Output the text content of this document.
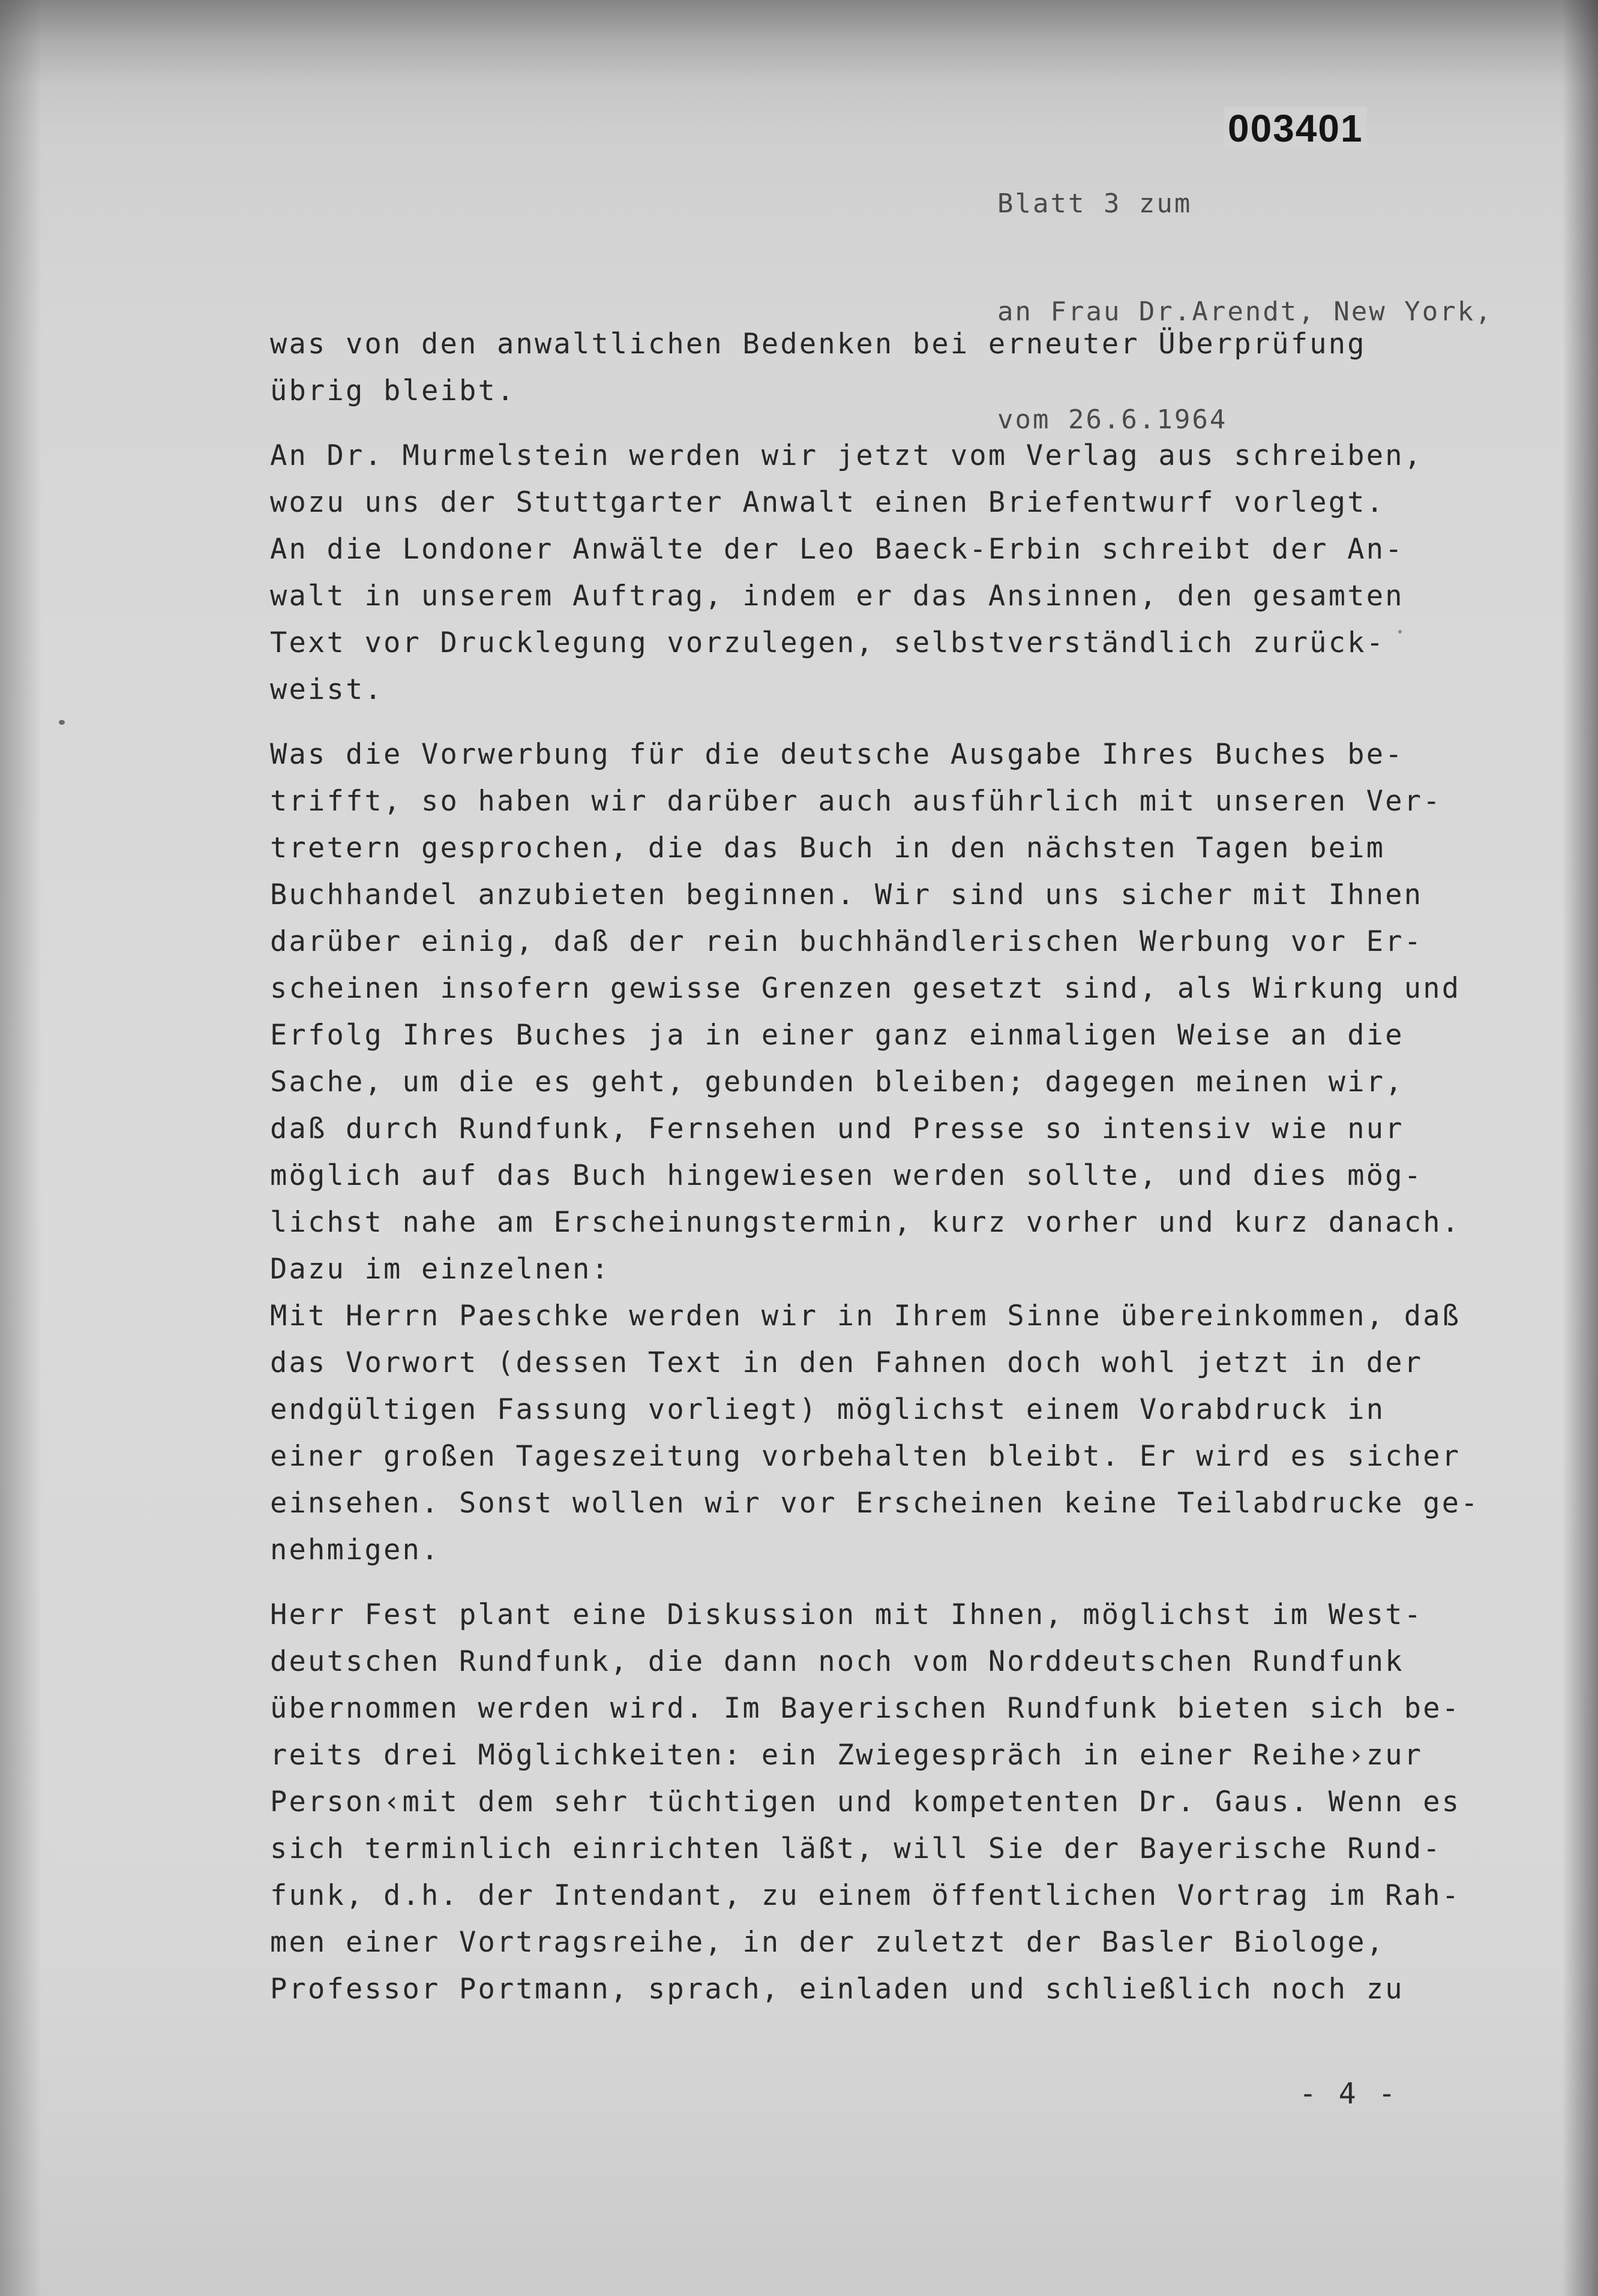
Blatt 3 zum

an Frau Dr.Arendt, New York,

vom 26.6.1964

003401
was von den anwaltlichen Bedenken bei erneuter Überprüfung
übrig bleibt.
An Dr. Murmelstein werden wir jetzt vom Verlag aus schreiben,
wozu uns der Stuttgarter Anwalt einen Briefentwurf vorlegt.
An die Londoner Anwälte der Leo Baeck-Erbin schreibt der An-
walt in unserem Auftrag, indem er das Ansinnen, den gesamten
Text vor Drucklegung vorzulegen, selbstverständlich zurück-
weist.
Was die Vorwerbung für die deutsche Ausgabe Ihres Buches be-
trifft, so haben wir darüber auch ausführlich mit unseren Ver-
tretern gesprochen, die das Buch in den nächsten Tagen beim
Buchhandel anzubieten beginnen. Wir sind uns sicher mit Ihnen
darüber einig, daß der rein buchhändlerischen Werbung vor Er-
scheinen insofern gewisse Grenzen gesetzt sind, als Wirkung und
Erfolg Ihres Buches ja in einer ganz einmaligen Weise an die
Sache, um die es geht, gebunden bleiben; dagegen meinen wir,
daß durch Rundfunk, Fernsehen und Presse so intensiv wie nur
möglich auf das Buch hingewiesen werden sollte, und dies mög-
lichst nahe am Erscheinungstermin, kurz vorher und kurz danach.
Dazu im einzelnen:
Mit Herrn Paeschke werden wir in Ihrem Sinne übereinkommen, daß
das Vorwort (dessen Text in den Fahnen doch wohl jetzt in der
endgültigen Fassung vorliegt) möglichst einem Vorabdruck in
einer großen Tageszeitung vorbehalten bleibt. Er wird es sicher
einsehen. Sonst wollen wir vor Erscheinen keine Teilabdrucke ge-
nehmigen.
Herr Fest plant eine Diskussion mit Ihnen, möglichst im West-
deutschen Rundfunk, die dann noch vom Norddeutschen Rundfunk
übernommen werden wird. Im Bayerischen Rundfunk bieten sich be-
reits drei Möglichkeiten: ein Zwiegespräch in einer Reihe›zur
Person‹mit dem sehr tüchtigen und kompetenten Dr. Gaus. Wenn es
sich terminlich einrichten läßt, will Sie der Bayerische Rund-
funk, d.h. der Intendant, zu einem öffentlichen Vortrag im Rah-
men einer Vortragsreihe, in der zuletzt der Basler Biologe,
Professor Portmann, sprach, einladen und schließlich noch zu
- 4 -
